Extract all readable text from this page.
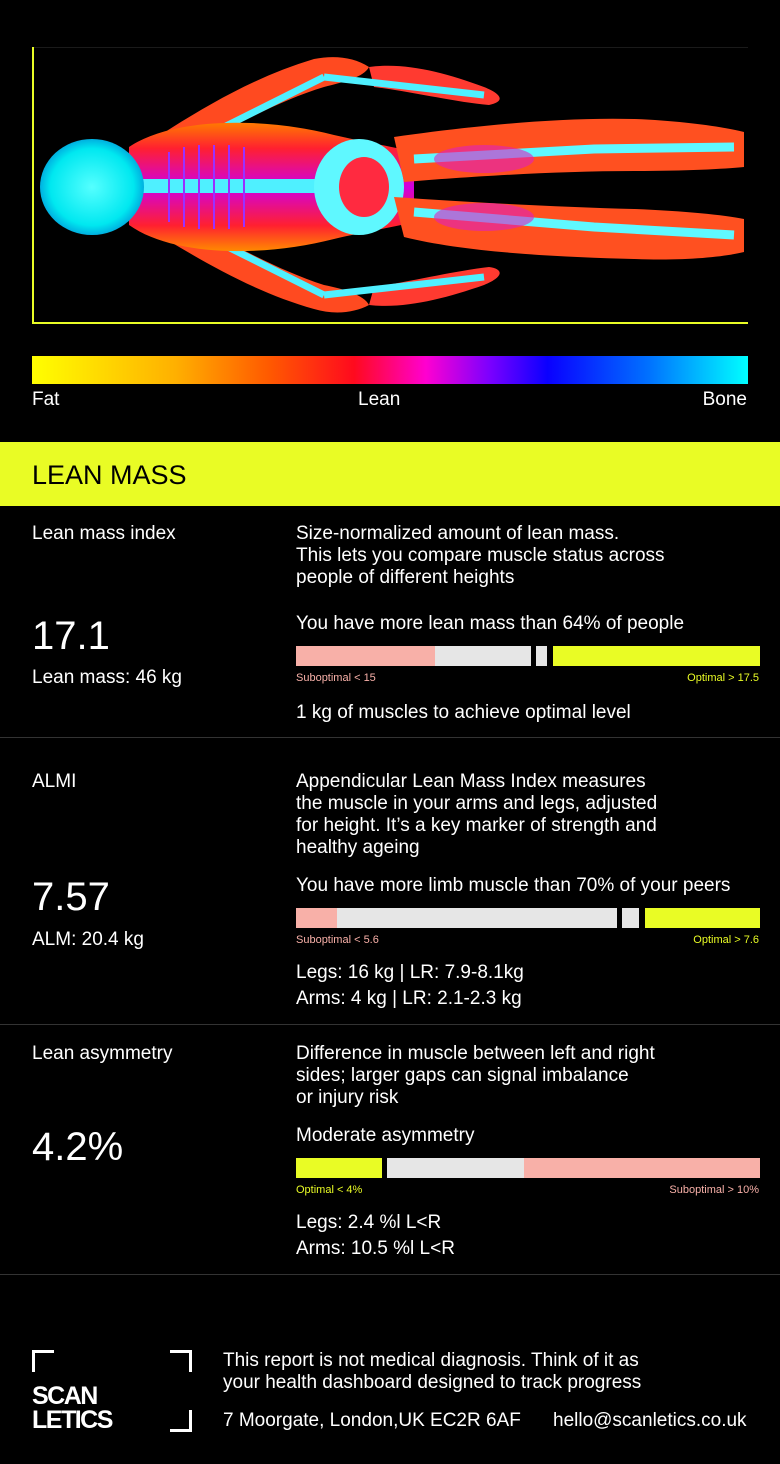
Fat	Lean	Bone
LEAN MASS
Lean mass index
17.1
Lean mass: 46 kg
Size-normalized amount of lean mass.
This lets you compare muscle status across
people of different heights
You have more lean mass than 64% of people
Suboptimal < 15	Optimal > 17.5
1 kg of muscles to achieve optimal level
ALMI
7.57
ALM: 20.4 kg
Appendicular Lean Mass Index measures
the muscle in your arms and legs, adjusted
for height. It’s a key marker of strength and
healthy ageing
You have more limb muscle than 70% of your peers
Suboptimal < 5.6	Optimal > 7.6
Legs: 16 kg | LR: 7.9-8.1kg
Arms: 4 kg | LR: 2.1-2.3 kg
Lean asymmetry
4.2%
Difference in muscle between left and right
sides; larger gaps can signal imbalance
or injury risk
Moderate asymmetry
Optimal < 4%	Suboptimal > 10%
Legs: 2.4 %l L<R
Arms: 10.5 %l L<R
SCAN
LETICS
This report is not medical diagnosis. Think of it as
your health dashboard designed to track progress
7 Moorgate, London,UK EC2R 6AF hello@scanletics.co.uk
